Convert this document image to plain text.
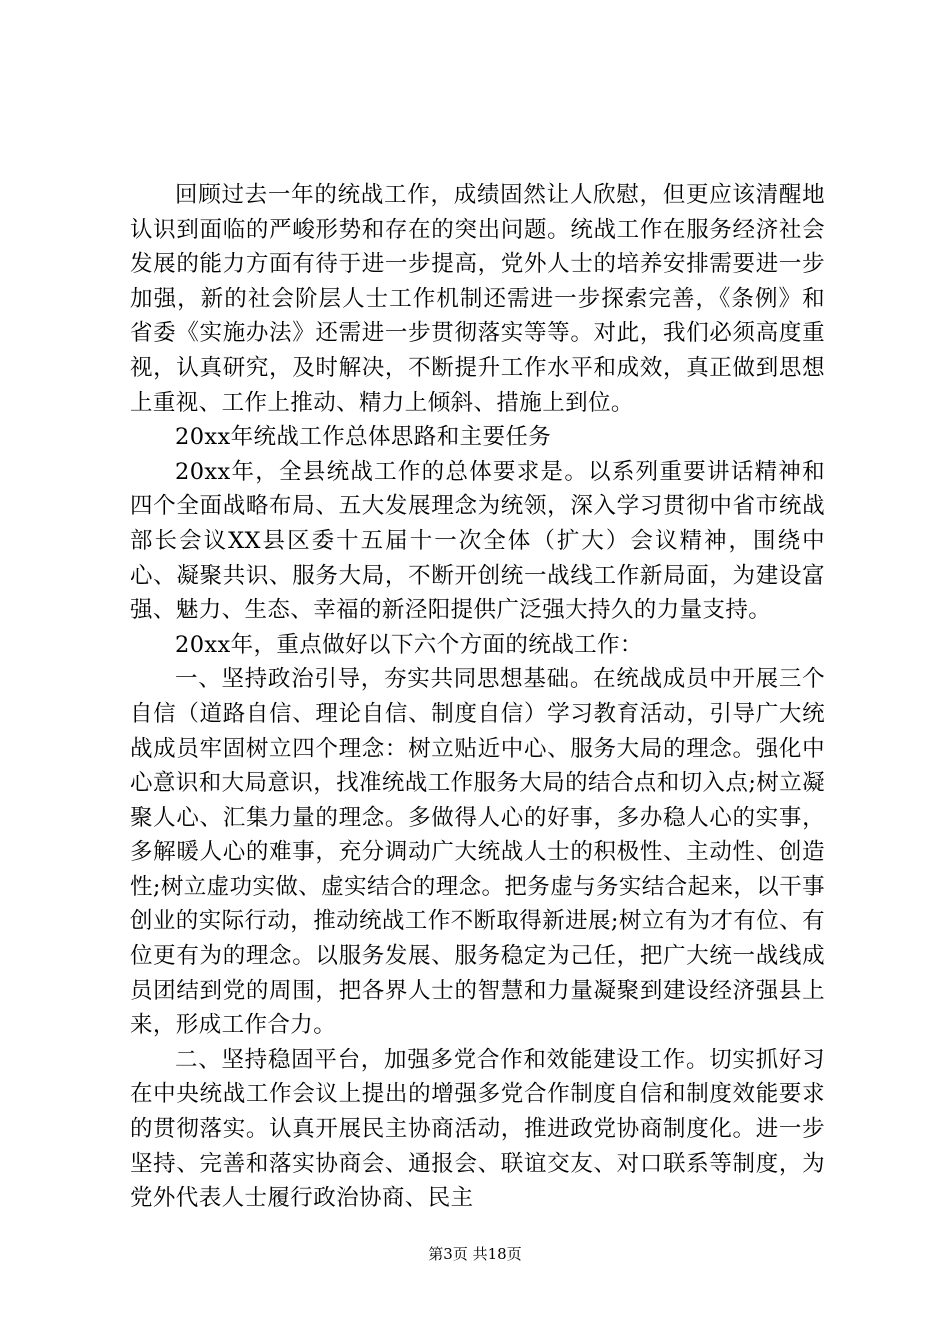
回顾过去一年的统战工作，成绩固然让人欣慰，但更应该清醒地认识到面临的严峻形势和存在的突出问题。统战工作在服务经济社会发展的能力方面有待于进一步提高，党外人士的培养安排需要进一步加强，新的社会阶层人士工作机制还需进一步探索完善，《条例》和省委《实施办法》还需进一步贯彻落实等等。对此，我们必须高度重视，认真研究，及时解决，不断提升工作水平和成效，真正做到思想上重视、工作上推动、精力上倾斜、措施上到位。

20xx年统战工作总体思路和主要任务

20xx年，全县统战工作的总体要求是。以系列重要讲话精神和四个全面战略布局、五大发展理念为统领，深入学习贯彻中省市统战部长会议XX县区委十五届十一次全体（扩大）会议精神，围绕中心、凝聚共识、服务大局，不断开创统一战线工作新局面，为建设富强、魅力、生态、幸福的新泾阳提供广泛强大持久的力量支持。

20xx年，重点做好以下六个方面的统战工作：

一、坚持政治引导，夯实共同思想基础。在统战成员中开展三个自信（道路自信、理论自信、制度自信）学习教育活动，引导广大统战成员牢固树立四个理念：树立贴近中心、服务大局的理念。强化中心意识和大局意识，找准统战工作服务大局的结合点和切入点;树立凝聚人心、汇集力量的理念。多做得人心的好事，多办稳人心的实事，多解暖人心的难事，充分调动广大统战人士的积极性、主动性、创造性;树立虚功实做、虚实结合的理念。把务虚与务实结合起来，以干事创业的实际行动，推动统战工作不断取得新进展;树立有为才有位、有位更有为的理念。以服务发展、服务稳定为己任，把广大统一战线成员团结到党的周围，把各界人士的智慧和力量凝聚到建设经济强县上来，形成工作合力。

二、坚持稳固平台，加强多党合作和效能建设工作。切实抓好习在中央统战工作会议上提出的增强多党合作制度自信和制度效能要求的贯彻落实。认真开展民主协商活动，推进政党协商制度化。进一步坚持、完善和落实协商会、通报会、联谊交友、对口联系等制度，为党外代表人士履行政治协商、民主

第3页 共18页
